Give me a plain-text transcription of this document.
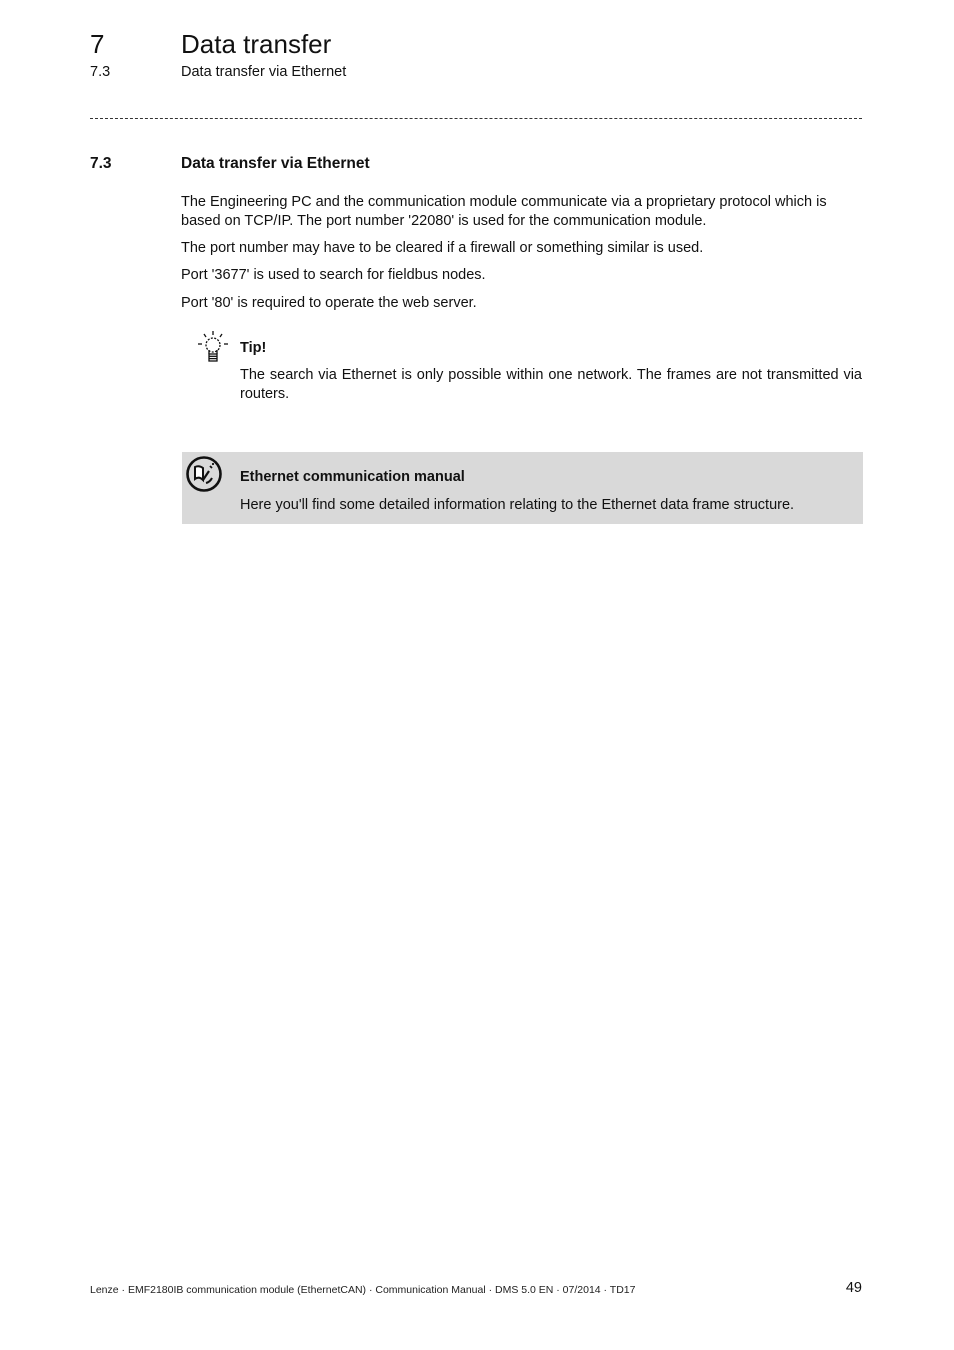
7	Data transfer
7.3	Data transfer via Ethernet
7.3	Data transfer via Ethernet

The Engineering PC and the communication module communicate via a proprietary protocol which is based on TCP/IP. The port number '22080' is used for the communication module.

The port number may have to be cleared if a firewall or something similar is used.

Port '3677' is used to search for fieldbus nodes.

Port '80' is required to operate the web server.

Tip!

The search via Ethernet is only possible within one network. The frames are not transmitted via routers.

Ethernet communication manual
Here you'll find some detailed information relating to the Ethernet data frame structure.
Lenze · EMF2180IB communication module (EthernetCAN) · Communication Manual · DMS 5.0 EN · 07/2014 · TD17	49
